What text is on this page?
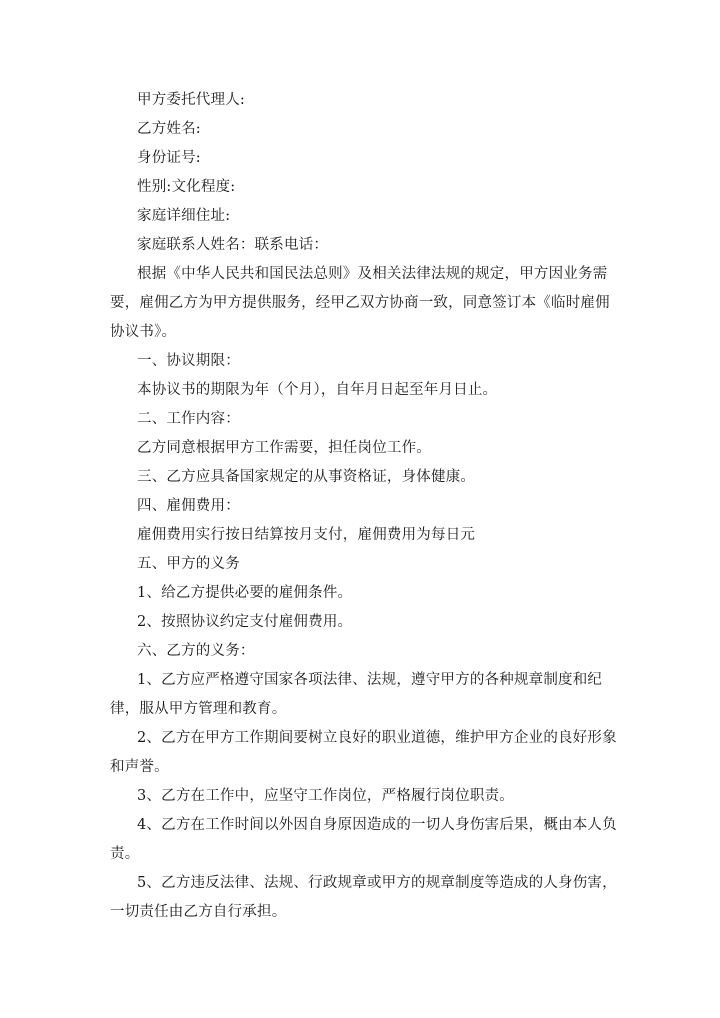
甲方委托代理人:
乙方姓名:
身份证号:
性别:文化程度:
家庭详细住址:
家庭联系人姓名：联系电话：
根据《中华人民共和国民法总则》及相关法律法规的规定，甲方因业务需
要，雇佣乙方为甲方提供服务，经甲乙双方协商一致，同意签订本《临时雇佣
协议书》。
一、协议期限：
本协议书的期限为年（个月），自年月日起至年月日止。
二、工作内容：
乙方同意根据甲方工作需要，担任岗位工作。
三、乙方应具备国家规定的从事资格证，身体健康。
四、雇佣费用：
雇佣费用实行按日结算按月支付，雇佣费用为每日元
五、甲方的义务
1、给乙方提供必要的雇佣条件。
2、按照协议约定支付雇佣费用。
六、乙方的义务：
1、乙方应严格遵守国家各项法律、法规，遵守甲方的各种规章制度和纪
律，服从甲方管理和教育。
2、乙方在甲方工作期间要树立良好的职业道德，维护甲方企业的良好形象
和声誉。
3、乙方在工作中，应坚守工作岗位，严格履行岗位职责。
4、乙方在工作时间以外因自身原因造成的一切人身伤害后果，概由本人负
责。
5、乙方违反法律、法规、行政规章或甲方的规章制度等造成的人身伤害，
一切责任由乙方自行承担。
